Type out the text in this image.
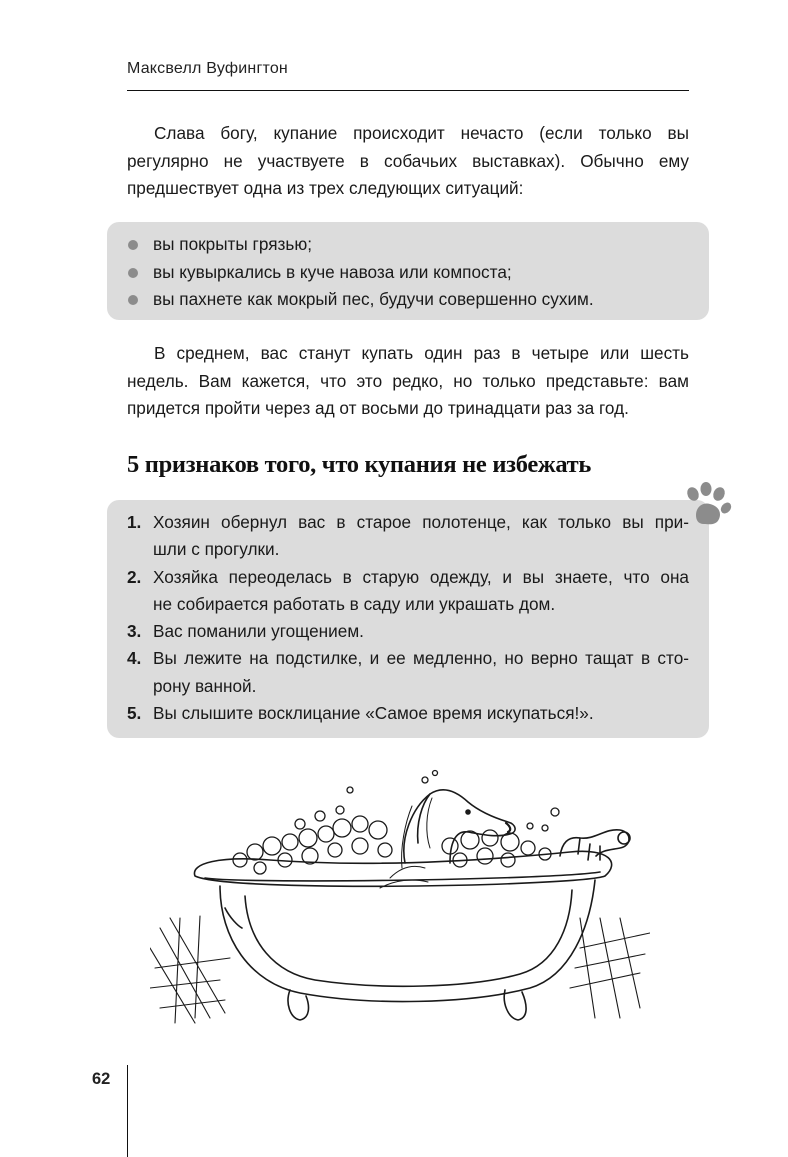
Максвелл Вуфингтон

Слава богу, купание происходит нечасто (если только вы
регулярно не участвуете в собачьих выставках). Обычно ему
предшествует одна из трех следующих ситуаций:

вы покрыты грязью;
вы кувыркались в куче навоза или компоста;
вы пахнете как мокрый пес, будучи совершенно сухим.

В среднем, вас станут купать один раз в четыре или шесть
недель. Вам кажется, что это редко, но только представьте: вам
придется пройти через ад от восьми до тринадцати раз за год.

5 признаков того, что купания не избежать
1. Хозяин обернул вас в старое полотенце, как только вы при-
шли с прогулки.
2. Хозяйка переоделась в старую одежду, и вы знаете, что она
не собирается работать в саду или украшать дом.
3. Вас поманили угощением.
4. Вы лежите на подстилке, и ее медленно, но верно тащат в сто-
рону ванной.
5. Вы слышите восклицание «Самое время искупаться!».
62
